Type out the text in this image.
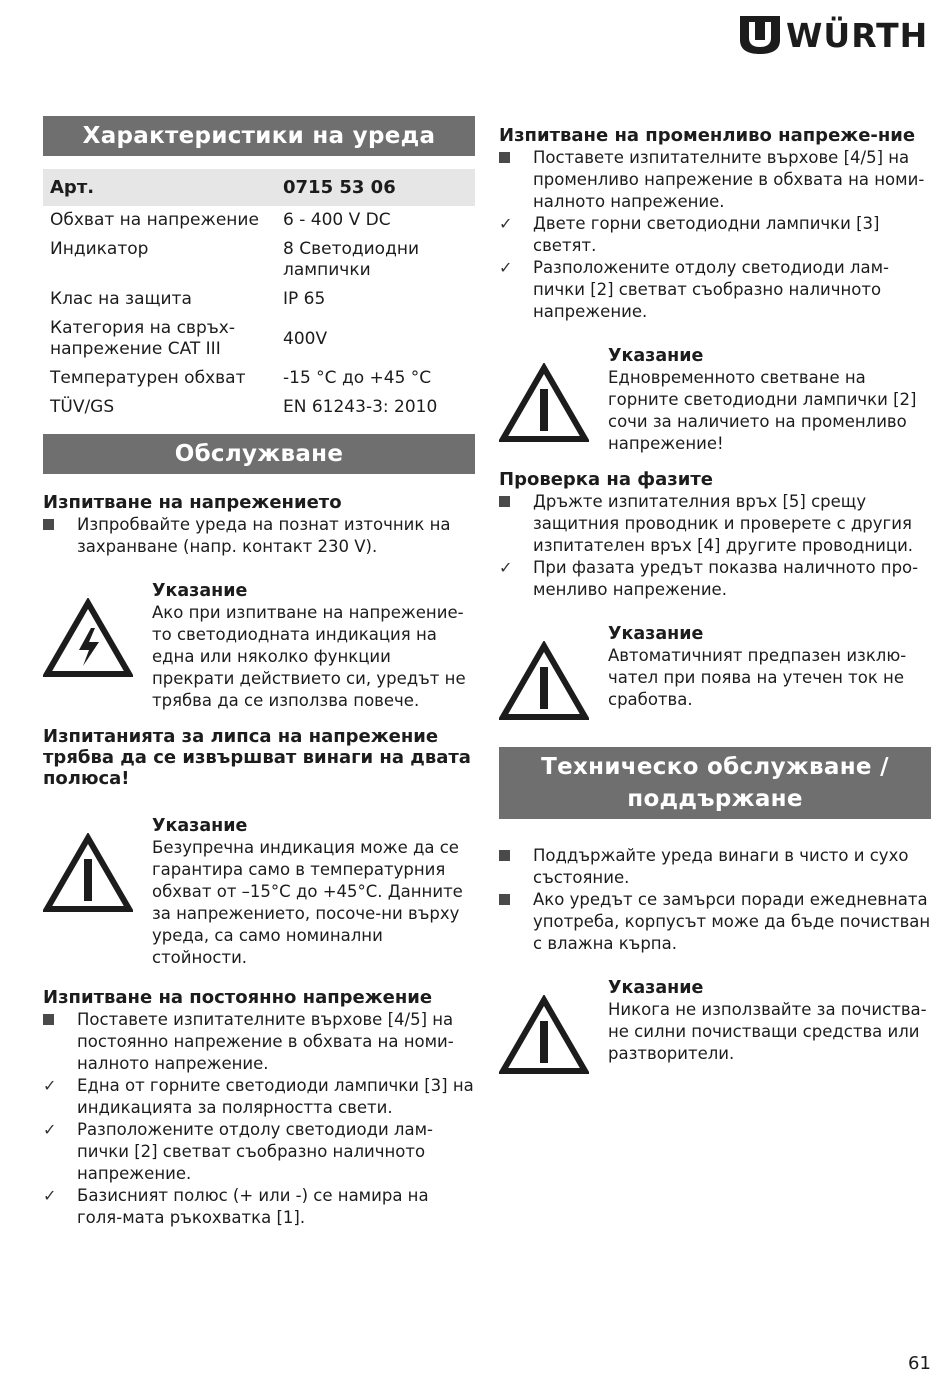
WÜRTH
Характеристики на уреда
Арт.	0715 53 06
Обхват на напрежение	6 - 400 V DC
Индикатор	8 Светодиодни лампички
Клас на защита	IP 65
Категория на свръх-напрежение CAT III	400V
Температурен обхват	-15 °C до +45 °C
TÜV/GS	EN 61243-3: 2010
Обслужване
Изпитване на напрежението
Изпробвайте уреда на познат източник на захранване (напр. контакт 230 V).
Указание
Ако при изпитване на напрежение-то светодиодната индикация на една или няколко функции прекрати действието си, уредът не трябва да се използва повече.
Изпитанията за липса на напрежение трябва да се извършват винаги на двата полюса!
Указание
Безупречна индикация може да се гарантира само в температурния обхват от –15°C до +45°C. Данните за напрежението, посоче-ни върху уреда, са само номинални стойности.
Изпитване на постоянно напрежение
Поставете изпитателните върхове [4/5] на постоянно напрежение в обхвата на номи-налното напрежение.
✓ Една от горните светодиоди лампички [3] на индикацията за полярността свети.
✓ Разположените отдолу светодиоди лам-пички [2] светват съобразно наличното напрежение.
✓ Базисният полюс (+ или -) се намира на голя-мата ръкохватка [1].
Изпитване на променливо напреже-ние
Поставете изпитателните върхове [4/5] на променливо напрежение в обхвата на номи-налното напрежение.
✓ Двете горни светодиодни лампички [3] светят.
✓ Разположените отдолу светодиоди лам-пички [2] светват съобразно наличното напрежение.
Указание
Едновременното светване на горните светодиодни лампички [2] сочи за наличието на променливо напрежение!
Проверка на фазите
Дръжте изпитателния връх [5] срещу защитния проводник и проверете с другия изпитателен връх [4] другите проводници.
✓ При фазата уредът показва наличното про-менливо напрежение.
Указание
Автоматичният предпазен изклю-чател при поява на утечен ток не сработва.
Техническо обслужване / поддържане
Поддържайте уреда винаги в чисто и сухо състояние.
Ако уредът се замърси поради ежедневната употреба, корпусът може да бъде почистван с влажна кърпа.
Указание
Никога не използвайте за почиства-не силни почистващи средства или разтворители.
61
